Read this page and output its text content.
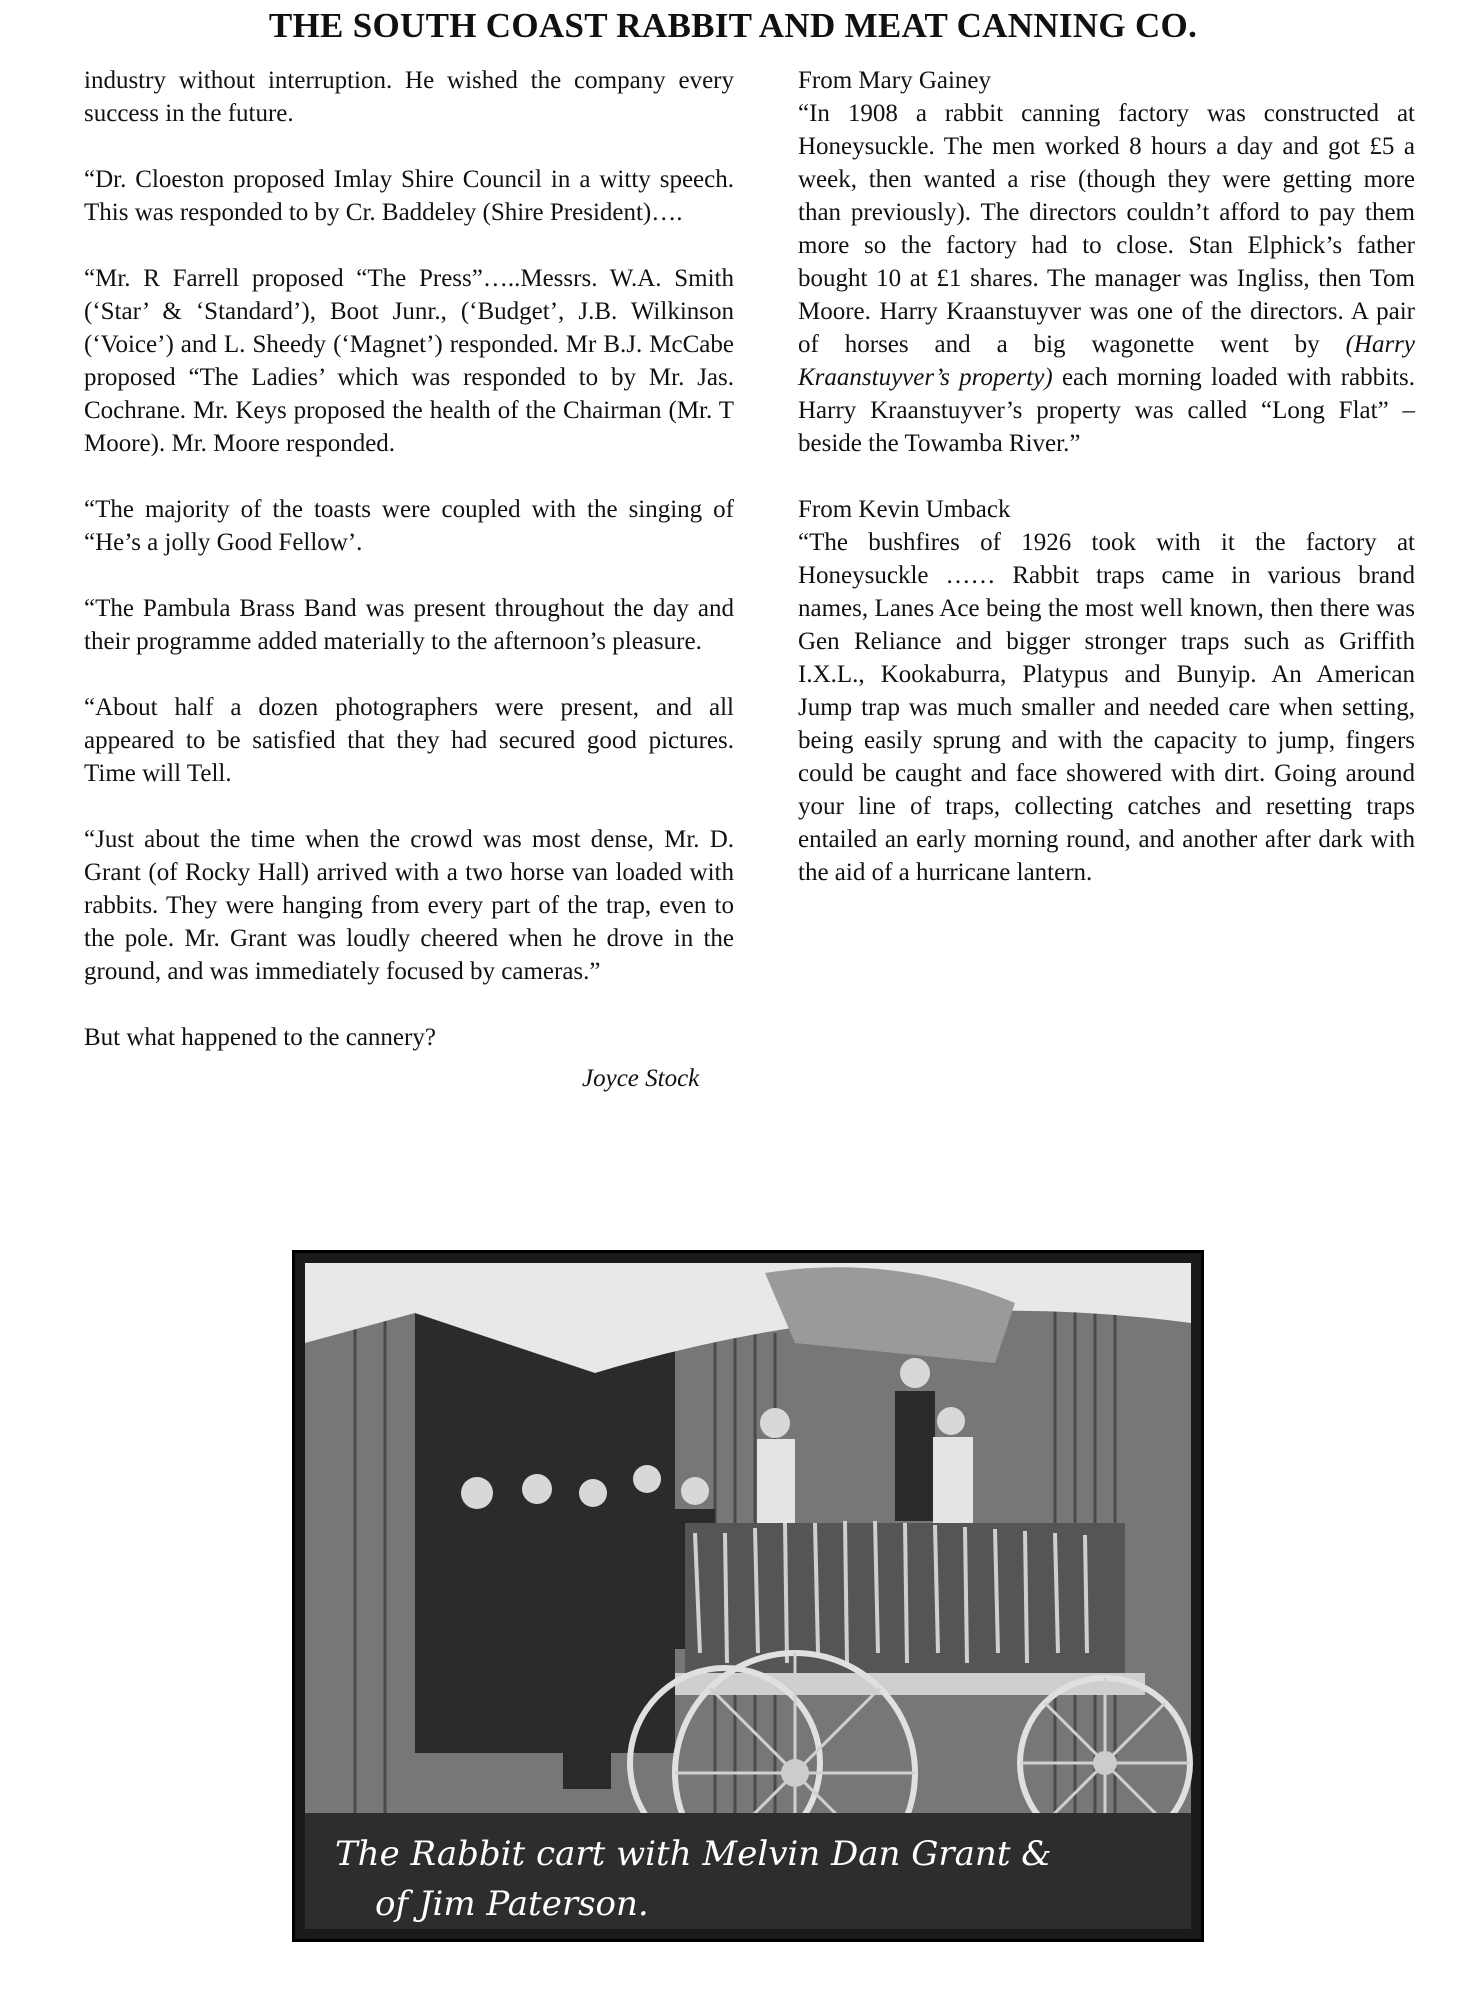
THE SOUTH COAST RABBIT AND MEAT CANNING CO.

industry without interruption. He wished the company every success in the future.

“Dr. Cloeston proposed Imlay Shire Council in a witty speech. This was responded to by Cr. Baddeley (Shire President)….

“Mr. R Farrell proposed “The Press”…..Messrs. W.A. Smith (‘Star’ & ‘Standard’), Boot Junr., (‘Budget’, J.B. Wilkinson (‘Voice’) and L. Sheedy (‘Magnet’) responded. Mr B.J. McCabe proposed “The Ladies’ which was responded to by Mr. Jas. Cochrane. Mr. Keys proposed the health of the Chairman (Mr. T Moore). Mr. Moore responded.

“The majority of the toasts were coupled with the singing of “He’s a jolly Good Fellow’.

“The Pambula Brass Band was present throughout the day and their programme added materially to the afternoon’s pleasure.

“About half a dozen photographers were present, and all appeared to be satisfied that they had secured good pictures. Time will Tell.

“Just about the time when the crowd was most dense, Mr. D. Grant (of Rocky Hall) arrived with a two horse van loaded with rabbits. They were hanging from every part of the trap, even to the pole. Mr. Grant was loudly cheered when he drove in the ground, and was immediately focused by cameras.”

But what happened to the cannery?

Joyce Stock

From Mary Gainey

“In 1908 a rabbit canning factory was constructed at Honeysuckle. The men worked 8 hours a day and got £5 a week, then wanted a rise (though they were getting more than previously). The directors couldn’t afford to pay them more so the factory had to close. Stan Elphick’s father bought 10 at £1 shares. The manager was Ingliss, then Tom Moore. Harry Kraanstuyver was one of the directors. A pair of horses and a big wagonette went by (Harry Kraanstuyver’s property) each morning loaded with rabbits. Harry Kraanstuyver’s property was called “Long Flat” – beside the Towamba River.”

From Kevin Umback

“The bushfires of 1926 took with it the factory at Honeysuckle …… Rabbit traps came in various brand names, Lanes Ace being the most well known, then there was Gen Reliance and bigger stronger traps such as Griffith I.X.L., Kookaburra, Platypus and Bunyip. An American Jump trap was much smaller and needed care when setting, being easily sprung and with the capacity to jump, fingers could be caught and face showered with dirt. Going around your line of traps, collecting catches and resetting traps entailed an early morning round, and another after dark with the aid of a hurricane lantern.

The Rabbit cart with Melvin Dan Grant &
of Jim Paterson.
